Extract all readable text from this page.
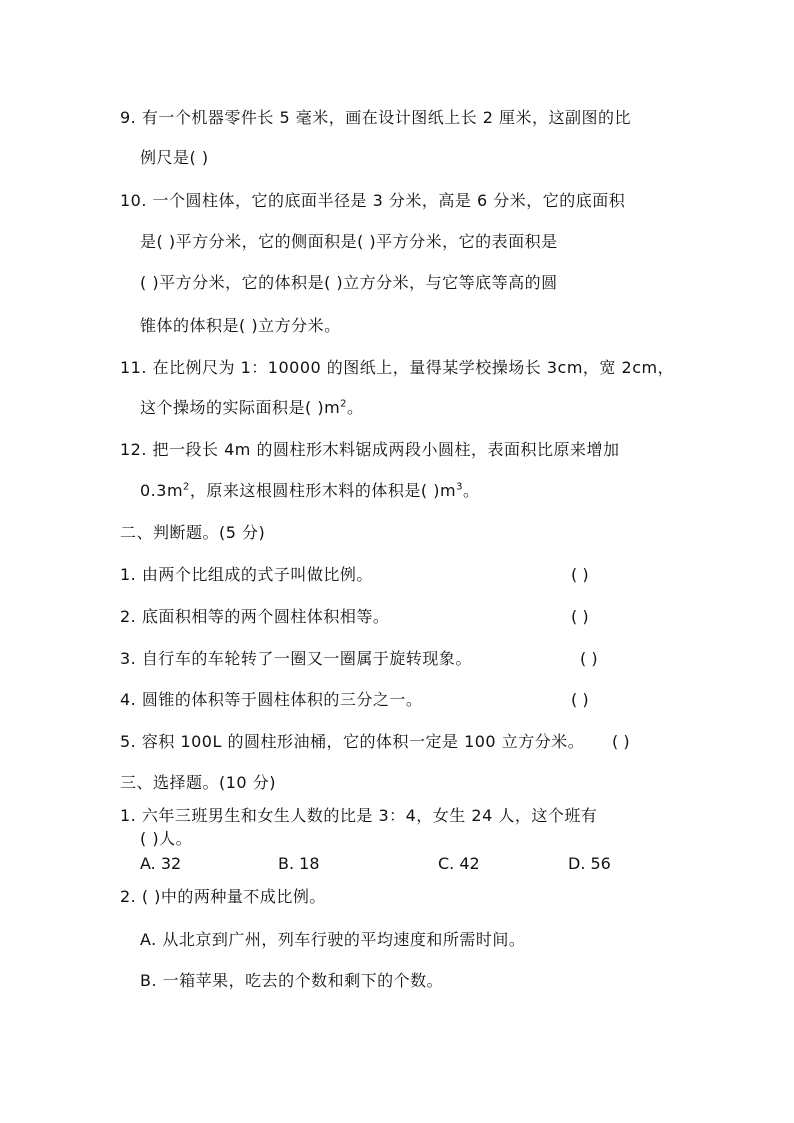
9. 有一个机器零件长 5 毫米，画在设计图纸上长 2 厘米，这副图的比
例尺是( )
10. 一个圆柱体，它的底面半径是 3 分米，高是 6 分米，它的底面积
是( )平方分米，它的侧面积是( )平方分米，它的表面积是
( )平方分米，它的体积是( )立方分米，与它等底等高的圆
锥体的体积是( )立方分米。
11. 在比例尺为 1：10000 的图纸上，量得某学校操场长 3cm，宽 2cm，
这个操场的实际面积是( )$m^2$。
12. 把一段长 4m 的圆柱形木料锯成两段小圆柱，表面积比原来增加
$0.3m^2$，原来这根圆柱形木料的体积是( )$m^3$。
二、判断题。(5 分)
1. 由两个比组成的式子叫做比例。	( )
2. 底面积相等的两个圆柱体积相等。	( )
3. 自行车的车轮转了一圈又一圈属于旋转现象。	( )
4. 圆锥的体积等于圆柱体积的三分之一。	( )
5. 容积 100L 的圆柱形油桶，它的体积一定是 100 立方分米。 ( )
三、选择题。(10 分)
1. 六年三班男生和女生人数的比是 3：4，女生 24 人，这个班有
( )人。
A. 32	B. 18	C. 42	D. 56
2. ( )中的两种量不成比例。
A. 从北京到广州，列车行驶的平均速度和所需时间。
B. 一箱苹果，吃去的个数和剩下的个数。
